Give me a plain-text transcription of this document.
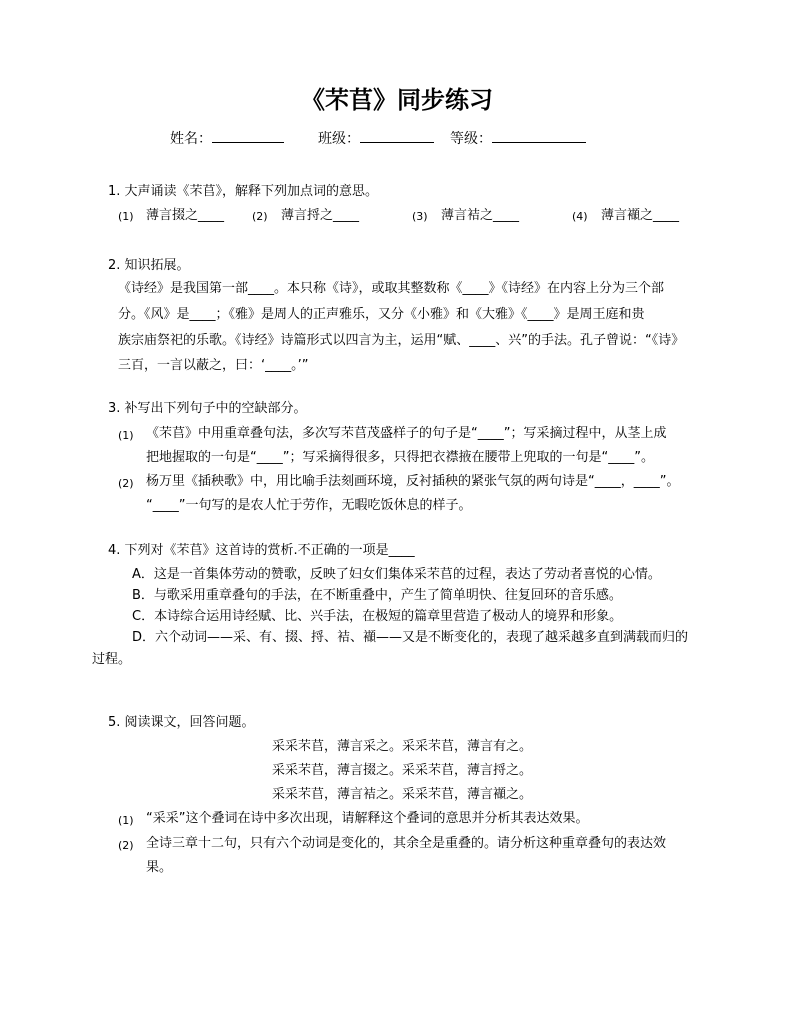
《芣苢》同步练习
姓名：	班级：	等级：
1. 大声诵读《芣苢》，解释下列加点词的意思。
(1) 薄言掇之____	(2) 薄言捋之____	(3) 薄言袺之____	(4) 薄言襭之____
2. 知识拓展。
《诗经》是我国第一部____。本只称《诗》，或取其整数称《____》《诗经》在内容上分为三个部
分。《风》是____；《雅》是周人的正声雅乐，又分《小雅》和《大雅》《____》是周王庭和贵
族宗庙祭祀的乐歌。《诗经》诗篇形式以四言为主，运用“赋、____、兴”的手法。孔子曾说：“《诗》
三百，一言以蔽之，曰：‘____。’”
3. 补写出下列句子中的空缺部分。
(1) 《芣苢》中用重章叠句法，多次写芣苢茂盛样子的句子是“____”；写采摘过程中，从茎上成
把地握取的一句是“____”；写采摘得很多，只得把衣襟掖在腰带上兜取的一句是“____”。
(2) 杨万里《插秧歌》中，用比喻手法刻画环境，反衬插秧的紧张气氛的两句诗是“____，____”。
“____”一句写的是农人忙于劳作，无暇吃饭休息的样子。
4. 下列对《芣苢》这首诗的赏析.不正确的一项是____
A．这是一首集体劳动的赞歌，反映了妇女们集体采芣苢的过程，表达了劳动者喜悦的心情。
B．与歌采用重章叠句的手法，在不断重叠中，产生了简单明快、往复回环的音乐感。
C．本诗综合运用诗经赋、比、兴手法，在极短的篇章里营造了极动人的境界和形象。
D．六个动词——采、有、掇、捋、袺、襭——又是不断变化的，表现了越采越多直到满载而归的
过程。
5. 阅读课文，回答问题。
采采芣苢，薄言采之。采采芣苢，薄言有之。
采采芣苢，薄言掇之。采采芣苢，薄言捋之。
采采芣苢，薄言袺之。采采芣苢，薄言襭之。
(1) “采采”这个叠词在诗中多次出现，请解释这个叠词的意思并分析其表达效果。
(2) 全诗三章十二句，只有六个动词是变化的，其余全是重叠的。请分析这种重章叠句的表达效
果。
